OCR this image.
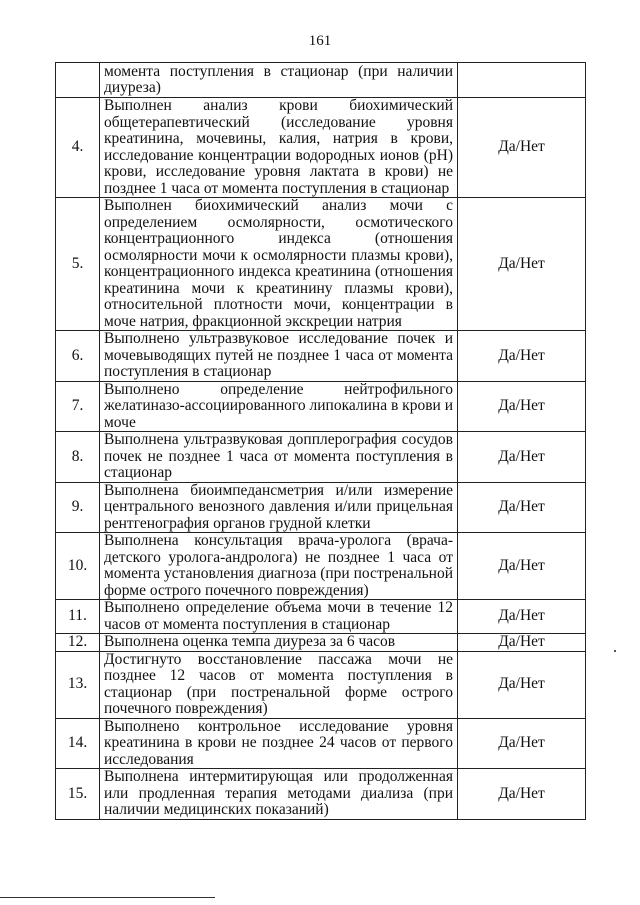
161
	момента поступления в стационар (при наличии диуреза)	
4.	Выполнен анализ крови биохимический общетерапевтический (исследование уровня креатинина, мочевины, калия, натрия в крови, исследование концентрации водородных ионов (pH) крови, исследование уровня лактата в крови) не позднее 1 часа от момента поступления в стационар	Да/Нет
5.	Выполнен биохимический анализ мочи с определением осмолярности, осмотического концентрационного индекса (отношения осмолярности мочи к осмолярности плазмы крови), концентрационного индекса креатинина (отношения креатинина мочи к креатинину плазмы крови), относительной плотности мочи, концентрации в моче натрия, фракционной экскреции натрия	Да/Нет
6.	Выполнено ультразвуковое исследование почек и мочевыводящих путей не позднее 1 часа от момента поступления в стационар	Да/Нет
7.	Выполнено определение нейтрофильного желатиназо-ассоциированного липокалина в крови и моче	Да/Нет
8.	Выполнена ультразвуковая допплерография сосудов почек не позднее 1 часа от момента поступления в стационар	Да/Нет
9.	Выполнена биоимпедансметрия и/или измерение центрального венозного давления и/или прицельная рентгенография органов грудной клетки	Да/Нет
10.	Выполнена консультация врача-уролога (врача-детского уролога-андролога) не позднее 1 часа от момента установления диагноза (при постренальной форме острого почечного повреждения)	Да/Нет
11.	Выполнено определение объема мочи в течение 12 часов от момента поступления в стационар	Да/Нет
12.	Выполнена оценка темпа диуреза за 6 часов	Да/Нет
13.	Достигнуто восстановление пассажа мочи не позднее 12 часов от момента поступления в стационар (при постренальной форме острого почечного повреждения)	Да/Нет
14.	Выполнено контрольное исследование уровня креатинина в крови не позднее 24 часов от первого исследования	Да/Нет
15.	Выполнена интермитирующая или продолженная или продленная терапия методами диализа (при наличии медицинских показаний)	Да/Нет
